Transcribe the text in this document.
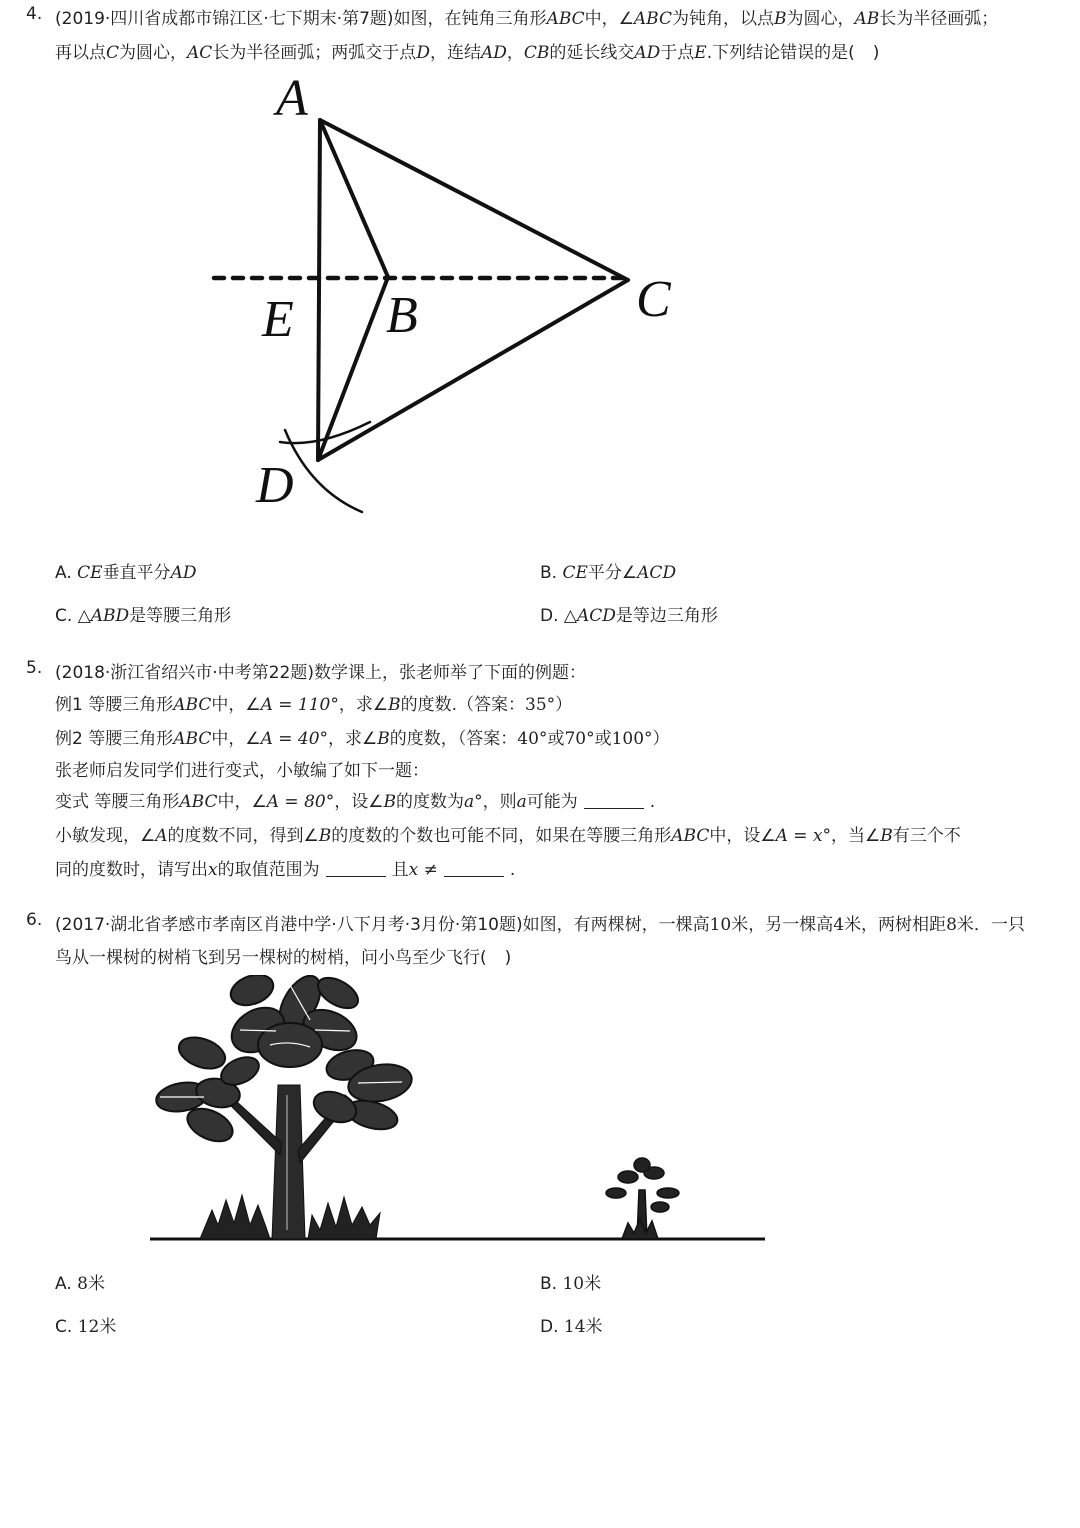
4. (2019·四川省成都市锦江区·七下期末·第7题)如图，在钝角三角形ABC中，∠ABC为钝角，以点B为圆心，AB长为半径画弧；
再以点C为圆心，AC长为半径画弧；两弧交于点D，连结AD，CB的延长线交AD于点E.下列结论错误的是( )
A
B	C
D
E
A. CE垂直平分AD	B. CE平分∠ACD
C. △ABD是等腰三角形	D. △ACD是等边三角形
5. (2018·浙江省绍兴市·中考第22题)数学课上，张老师举了下面的例题：
例1 等腰三角形ABC中，∠A = 110°，求∠B的度数.（答案：35°）
例2 等腰三角形ABC中，∠A = 40°，求∠B的度数，（答案：40°或70°或100°）
张老师启发同学们进行变式，小敏编了如下一题：
变式 等腰三角形ABC中，∠A = 80°，设∠B的度数为a°，则a可能为	.
小敏发现，∠A的度数不同，得到∠B的度数的个数也可能不同，如果在等腰三角形ABC中，设∠A = x°，当∠B有三个不
同的度数时，请写出x的取值范围为	且x ≠	.
6. (2017·湖北省孝感市孝南区肖港中学·八下月考·3月份·第10题)如图，有两棵树，一棵高10米，另一棵高4米，两树相距8米．一只
鸟从一棵树的树梢飞到另一棵树的树梢，问小鸟至少飞行( )
A. 8米	B. 10米
C. 12米	D. 14米
